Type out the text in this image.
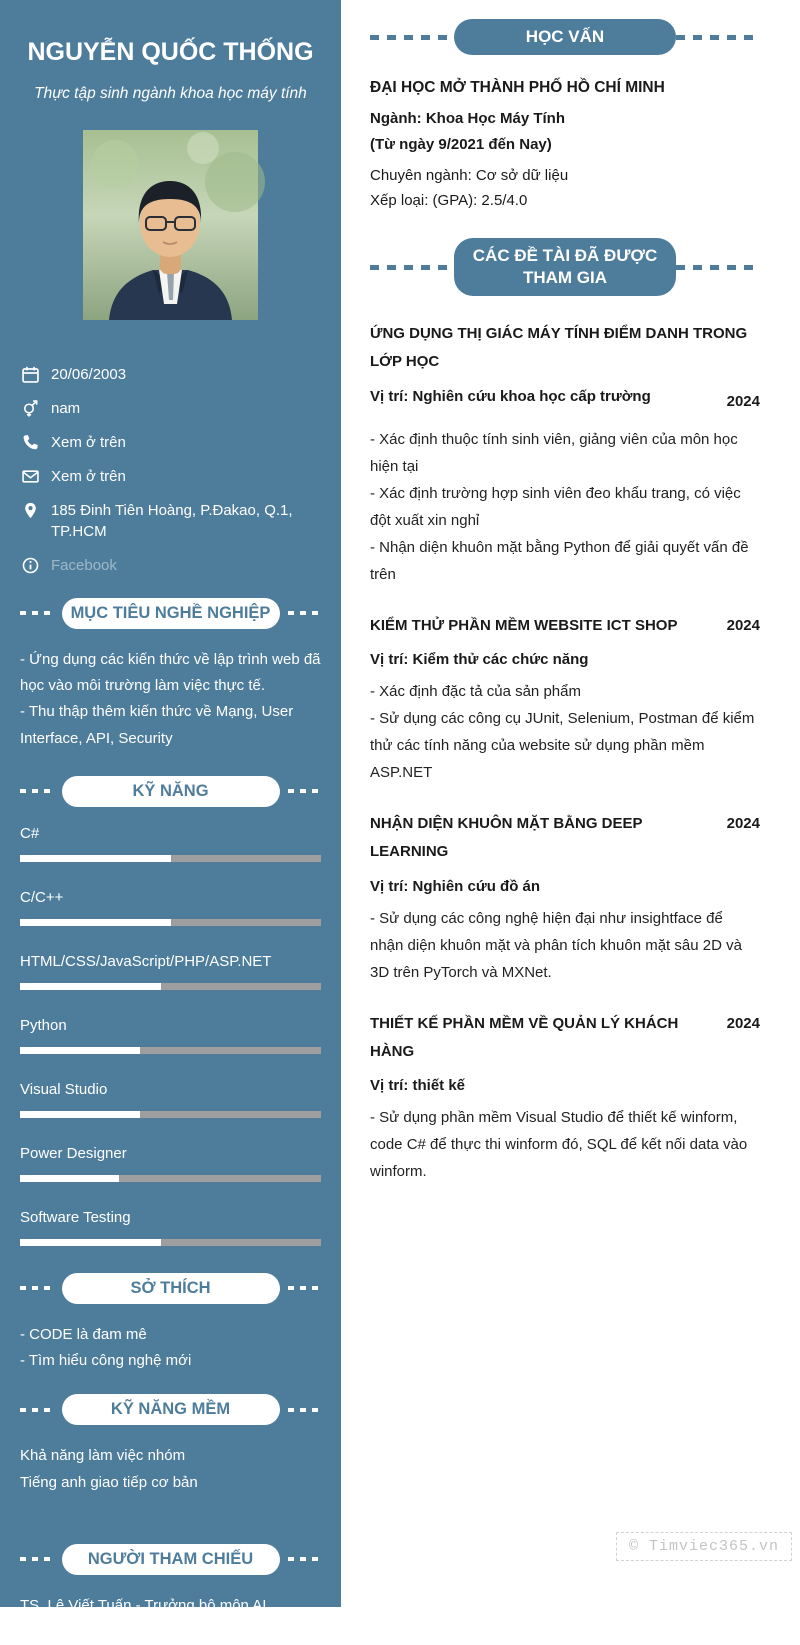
NGUYỄN QUỐC THỐNG
Thực tập sinh ngành khoa học máy tính
20/06/2003
nam
Xem ở trên
Xem ở trên
185 Đinh Tiên Hoàng, P.Đakao, Q.1, TP.HCM
Facebook
MỤC TIÊU NGHỀ NGHIỆP
- Ứng dụng các kiến thức về lập trình web đã học vào môi trường làm việc thực tế.
- Thu thập thêm kiến thức về Mạng, User Interface, API, Security
KỸ NĂNG
C#
C/C++
HTML/CSS/JavaScript/PHP/ASP.NET
Python
Visual Studio
Power Designer
Software Testing
SỞ THÍCH
- CODE là đam mê
- Tìm hiểu công nghệ mới
KỸ NĂNG MỀM
Khả năng làm việc nhóm
Tiếng anh giao tiếp cơ bản
NGƯỜI THAM CHIẾU
TS. Lê Viết Tuấn - Trưởng bộ môn AI
Trường Đại Học Mở Thành Phố Hồ Chí Minh
HỌC VẤN
ĐẠI HỌC MỞ THÀNH PHỐ HỒ CHÍ MINH
Ngành: Khoa Học Máy Tính
(Từ ngày 9/2021 đến Nay)
Chuyên ngành: Cơ sở dữ liệu
Xếp loại: (GPA): 2.5/4.0
CÁC ĐỀ TÀI ĐÃ ĐƯỢC THAM GIA
ỨNG DỤNG THỊ GIÁC MÁY TÍNH ĐIỂM DANH TRONG LỚP HỌC
Vị trí: Nghiên cứu khoa học cấp trường	2024
- Xác định thuộc tính sinh viên, giảng viên của môn học hiện tại
- Xác định trường hợp sinh viên đeo khẩu trang, có việc đột xuất xin nghỉ
- Nhận diện khuôn mặt bằng Python để giải quyết vấn đề trên
KIỂM THỬ PHẦN MỀM WEBSITE ICT SHOP	2024
Vị trí: Kiểm thử các chức năng
- Xác định đặc tả của sản phẩm
- Sử dụng các công cụ JUnit, Selenium, Postman để kiểm thử các tính năng của website sử dụng phần mềm ASP.NET
NHẬN DIỆN KHUÔN MẶT BẰNG DEEP LEARNING
2024
Vị trí: Nghiên cứu đồ án
- Sử dụng các công nghệ hiện đại như insightface để nhận diện khuôn mặt và phân tích khuôn mặt sâu 2D và 3D trên PyTorch và MXNet.
THIẾT KẾ PHẦN MỀM VỀ QUẢN LÝ KHÁCH HÀNG
2024
Vị trí: thiết kế
- Sử dụng phần mềm Visual Studio để thiết kế winform, code C# để thực thi winform đó, SQL để kết nối data vào winform.
© Timviec365.vn
